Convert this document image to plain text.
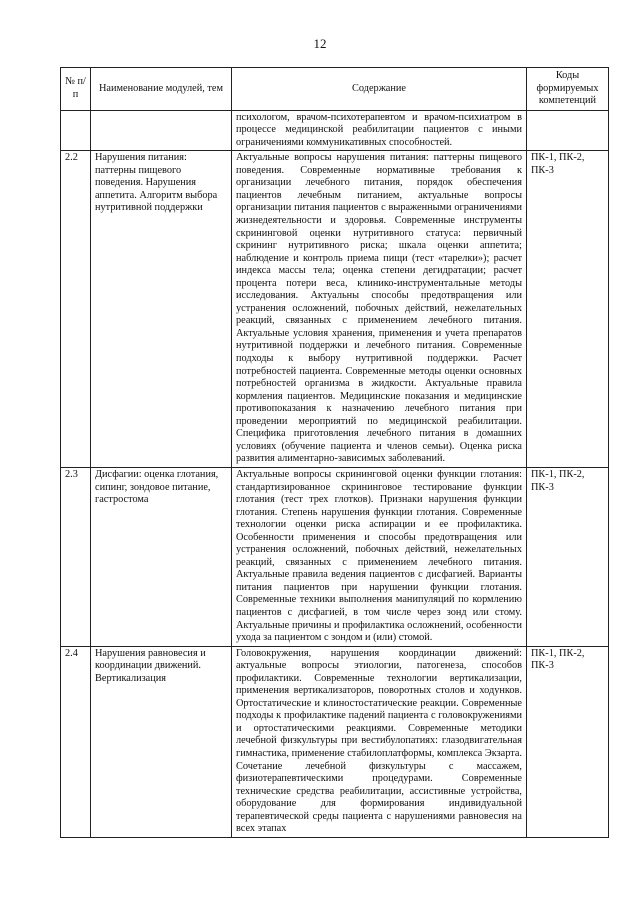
12
№ п/п	Наименование модулей, тем	Содержание	Коды формируемых компетенций
		психологом, врачом-психотерапевтом и врачом-психиатром в процессе медицинской реабилитации пациентов с иными ограничениями коммуникативных способностей.	
2.2	Нарушения питания: паттерны пищевого поведения. Нарушения аппетита. Алгоритм выбора нутритивной поддержки	Актуальные вопросы нарушения питания: паттерны пищевого поведения. Современные нормативные требования к организации лечебного питания, порядок обеспечения пациентов лечебным питанием, актуальные вопросы организации питания пациентов с выраженными ограничениями жизнедеятельности и здоровья. Современные инструменты скрининговой оценки нутритивного статуса: первичный скрининг нутритивного риска; шкала оценки аппетита; наблюдение и контроль приема пищи (тест «тарелки»); расчет индекса массы тела; оценка степени дегидратации; расчет процента потери веса, клинико-инструментальные методы исследования. Актуальны способы предотвращения или устранения осложнений, побочных действий, нежелательных реакций, связанных с применением лечебного питания. Актуальные условия хранения, применения и учета препаратов нутритивной поддержки и лечебного питания. Современные подходы к выбору нутритивной поддержки. Расчет потребностей пациента. Современные методы оценки основных потребностей организма в жидкости. Актуальные правила кормления пациентов. Медицинские показания и медицинские противопоказания к назначению лечебного питания при проведении мероприятий по медицинской реабилитации. Специфика приготовления лечебного питания в домашних условиях (обучение пациента и членов семьи). Оценка риска развития алиментарно-зависимых заболеваний.	ПК-1, ПК-2, ПК-3
2.3	Дисфагии: оценка глотания, сипинг, зондовое питание, гастростома	Актуальные вопросы скрининговой оценки функции глотания: стандартизированное скрининговое тестирование функции глотания (тест трех глотков). Признаки нарушения функции глотания. Степень нарушения функции глотания. Современные технологии оценки риска аспирации и ее профилактика. Особенности применения и способы предотвращения или устранения осложнений, побочных действий, нежелательных реакций, связанных с применением лечебного питания. Актуальные правила ведения пациентов с дисфагией. Варианты питания пациентов при нарушении функции глотания. Современные техники выполнения манипуляций по кормлению пациентов с дисфагией, в том числе через зонд или стому. Актуальные причины и профилактика осложнений, особенности ухода за пациентом с зондом и (или) стомой.	ПК-1, ПК-2, ПК-3
2.4	Нарушения равновесия и координации движений. Вертикализация	Головокружения, нарушения координации движений: актуальные вопросы этиологии, патогенеза, способов профилактики. Современные технологии вертикализации, применения вертикализаторов, поворотных столов и ходунков. Ортостатические и клиностостатические реакции. Современные подходы к профилактике падений пациента с головокружениями и ортостатическими реакциями. Современные методики лечебной физкультуры при вестибулопатиях: глазодвигательная гимнастика, применение стабилоплатформы, комплекса Экзарта. Сочетание лечебной физкультуры с массажем, физиотерапевтическими процедурами. Современные технические средства реабилитации, ассистивные устройства, оборудование для формирования индивидуальной терапевтической среды пациента с нарушениями равновесия на всех этапах	ПК-1, ПК-2, ПК-3
